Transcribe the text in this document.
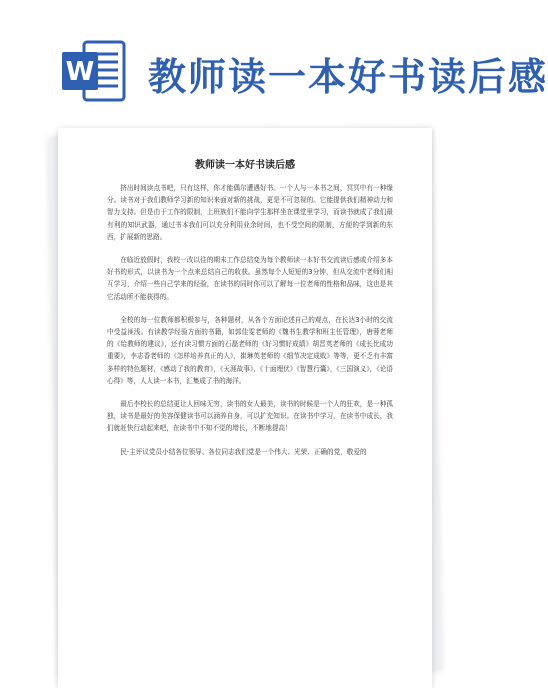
W 教师读一本好书读后感
教师读一本好书读后感

挤出时间读点书吧，只有这样，你才能偶尔遭遇好书。一个人与一本书之间，冥冥中有一种缘分。读书对于我们教师学习新的知识来面对新的挑战，更是不可忽视的。它能提供我们精神动力和智力支持。但是由于工作的限制，上班族们不能向学生那样坐在课堂里学习，而读书就成了我们最有利的知识武器，通过书本我们可以充分利用业余时间，也不受空间的限制，方便的学到新的东西，扩展新的思路。

在临近放假时，我校一改以往的期末工作总结变为每个教师读一本好书交流读后感或介绍多本好书的形式，以读书为一个点来总结自己的收获。虽然每个人短短的3分钟，但从交流中老师们相互学习，介绍一些自己学来的经验，在读书的同时你可以了解每一位老师的性格和品味，这也是其它活动所不能获得的。

全校的每一位教师都积极参与，各种题材，从各个方面论述自己的观点，在长达3小时的交流中受益匪浅。有读教学经验方面的书籍，如郭佳雯老师的《魏书生教学和班主任管理》，唐蓉老师的《给教师的建议》，还有读习惯方面的石磊老师的《好习惯好成绩》胡晋英老师的《成长比成功重要》，李志香老师的《怎样培养真正的人》，崔琳英老师的《细节决定成败》等等，更不乏有丰富多样的特色题材，《感动了我的教育》，《天涯故事》，《十面埋伏》《智慧行囊》，《三国演义》，《论语心得》等，人人读一本书，汇集成了书的海洋。

最后李校长的总结更让人回味无穷，读书的女人最美，读书的时候是一个人的狂欢，是一种孤独，读书是最好的美容保健读书可以涵养自身，可以扩充知识。在读书中学习，在读书中成长，我们就赶快行动起来吧，在读书中不知不觉的增长，不断地提高！

民-主评议党员小结各位领导、各位同志我们党是一个伟大、光荣、正确的党，敬爱的
